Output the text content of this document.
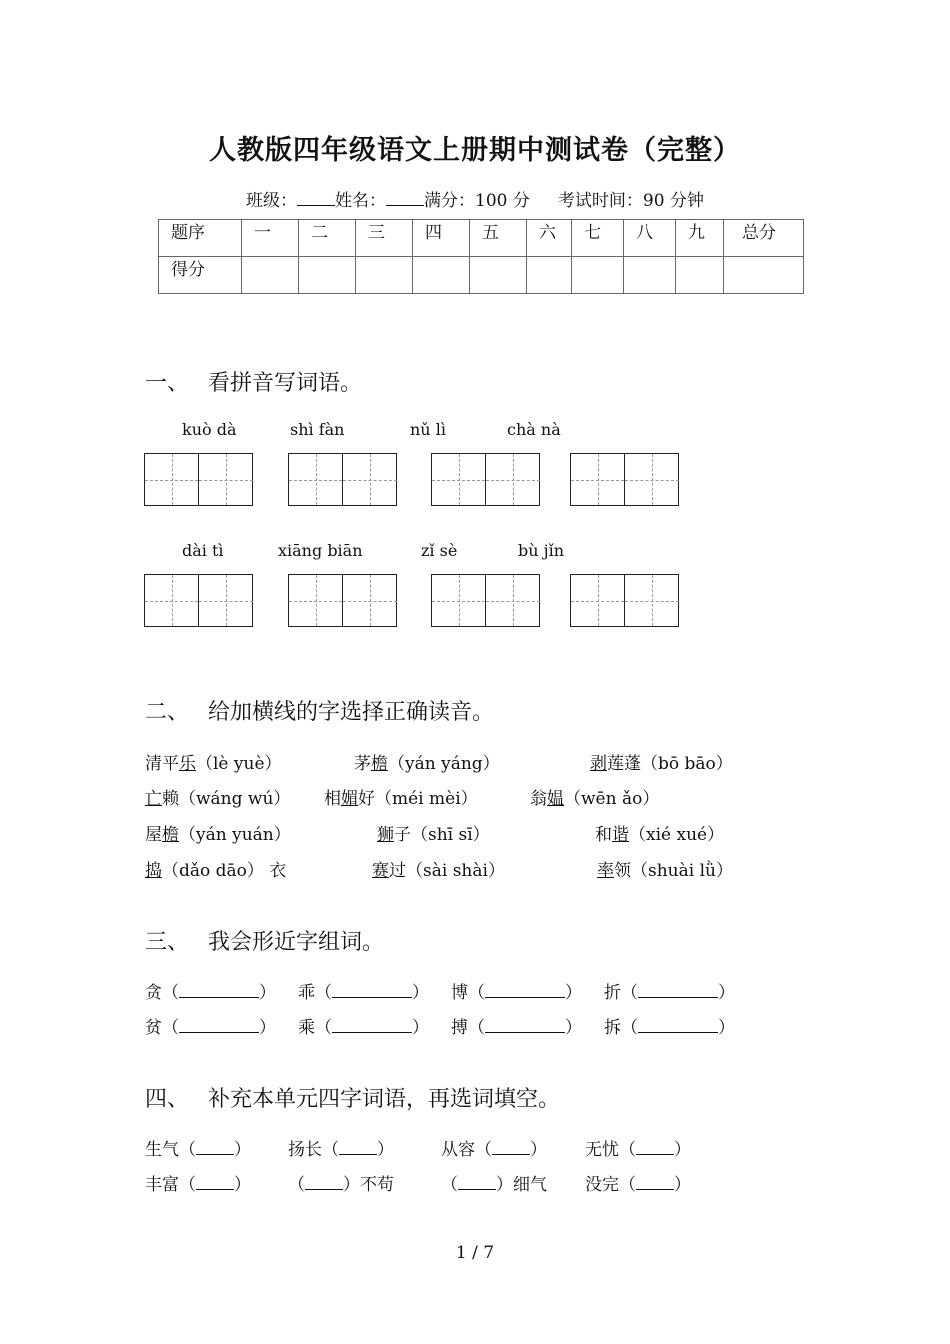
人教版四年级语文上册期中测试卷（完整）
班级： 姓名： 满分：100 分 考试时间：90 分钟
题序	一	二	三	四	五	六	七	八	九	总分
得分										
一、 看拼音写词语。
kuò dà	shì fàn	nǔ lì	chà nà
dài tì	xiāng biān	zǐ sè	bù jǐn
二、 给加横线的字选择正确读音。
清平乐（lè yuè）	茅檐（yán yáng）	剥莲蓬（bō bāo）
亡赖（wáng wú） 相媚好（méi mèi）	翁媪（wēn ǎo）
屋檐（yán yuán）	狮子（shī sī）	和谐（xié xué）
捣（dǎo dāo） 衣	赛过（sài shài）	率领（shuài lǜ）
三、 我会形近字组词。
贪（	） 乖（	） 博（	） 折（	）
贫（	） 乘（	） 搏（	） 拆（	）
四、 补充本单元四字词语，再选词填空。
生气（ ） 扬长（ ）	从容（ ） 无忧（ ）
丰富（ ） （ ）不苟	（ ）细气 没完（ ）
1 / 7
